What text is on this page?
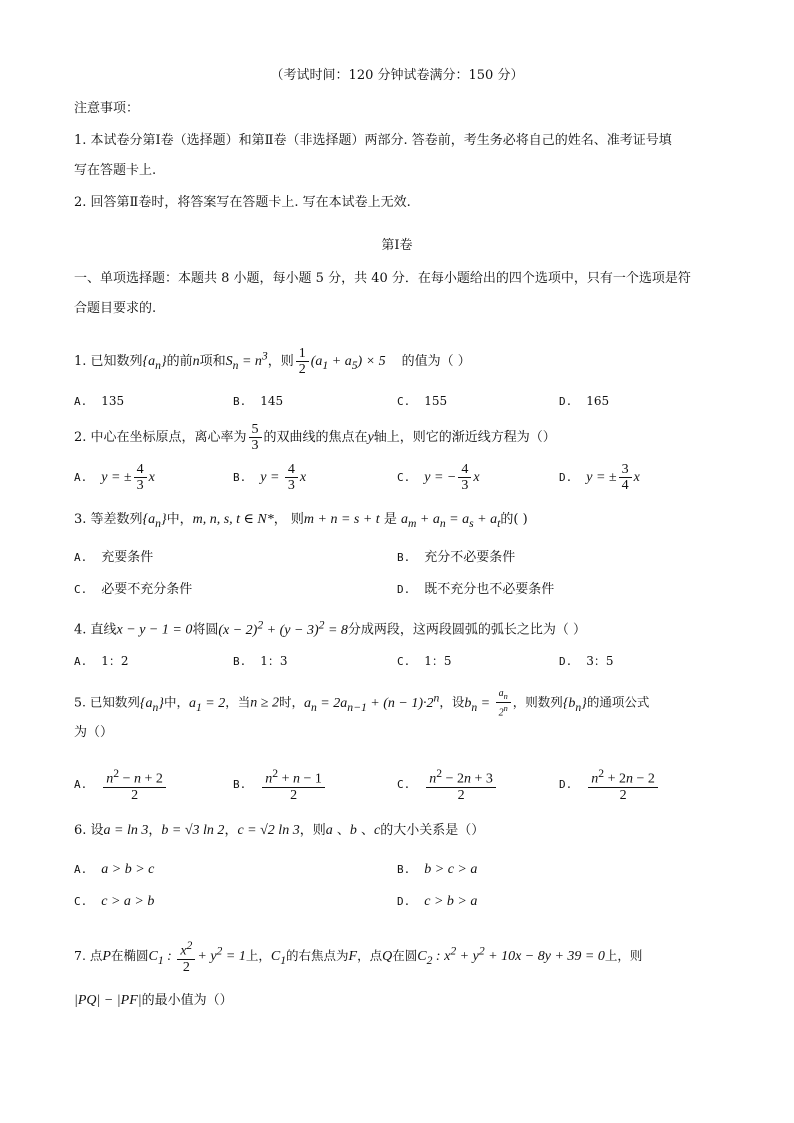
（考试时间：120 分钟试卷满分：150 分）
注意事项：
1. 本试卷分第Ⅰ卷（选择题）和第Ⅱ卷（非选择题）两部分. 答卷前，考生务必将自己的姓名、准考证号填
写在答题卡上.
2. 回答第Ⅱ卷时，将答案写在答题卡上. 写在本试卷上无效.
第Ⅰ卷
一、单项选择题：本题共 8 小题，每小题 5 分，共 40 分．在每小题给出的四个选项中，只有一个选项是符
合题目要求的.
1. 已知数列$\{a_n\}$的前n项和$S_n = n^3$，则 $\frac{1}{2} (a_1 + a_5) \times 5$ 的值为（ ）
A. 135	B. 145	C. 155	D. 165
2. 中心在坐标原点，离心率为 $\frac{5}{3}$ 的双曲线的焦点在y轴上，则它的渐近线方程为（）
A. y = ± $\frac{4}{3}$ x	B. $y = \frac{4}{3}$ x	C. y = − $\frac{4}{3}$ x	D. y = ± $\frac{3}{4}$ x
3. 等差数列$\{a_n\}$中，m, n, s, t ∈ N*， 则m + n = s + t 是 $a_m + a_n = a_s + a_t$的( )
A. 充要条件	B. 充分不必要条件
C. 必要不充分条件	D. 既不充分也不必要条件
4. 直线x − y − 1 = 0将圆$(x - 2)^2 + (y - 3)^2 = 8$分成两段，这两段圆弧的弧长之比为（ ）
A. 1：2	B. 1：3	C. 1：5	D. 3：5
5. 已知数列$\{a_n\}$中，$a_1 = 2$，当n ≥ 2时，$a_n = 2a_{n-1} + (n - 1)\cdot 2^n$，设$b_n = \frac{a_n}{2^n}$ ，则数列$\{b_n\}$的通项公式
为（）
A. $\frac{n^2 - n + 2}{2}$	B. $\frac{n^2 + n - 1}{2}$	C. $\frac{n^2 - 2n + 3}{2}$	D. $\frac{n^2 + 2n - 2}{2}$
6. 设a = ln 3，b = √3 ln 2，c = √2 ln 3，则a 、b 、c的大小关系是（）
A. a > b > c	B. b > c > a
C. c > a > b	D. c > b > a
7. 点P在椭圆$C_1$ : $\frac{x^2}{2} + y^2 = 1$上，$C_1$的右焦点为F，点Q在圆$C_2$ : $x^2 + y^2 + 10x - 8y + 39 = 0$上，则
|PQ| − |PF|的最小值为（）
